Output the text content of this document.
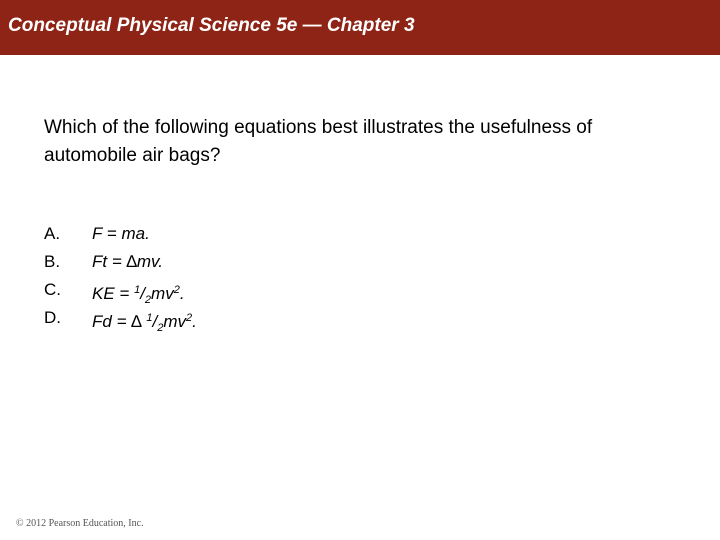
Conceptual Physical Science 5e — Chapter 3
Which of the following equations best illustrates the usefulness of automobile air bags?
A. F = ma.
B. Ft = ∆mv.
C. KE = $^1/_2mv^2$.
D. Fd = ∆ $^1/_2mv^2$.
© 2012 Pearson Education, Inc.
